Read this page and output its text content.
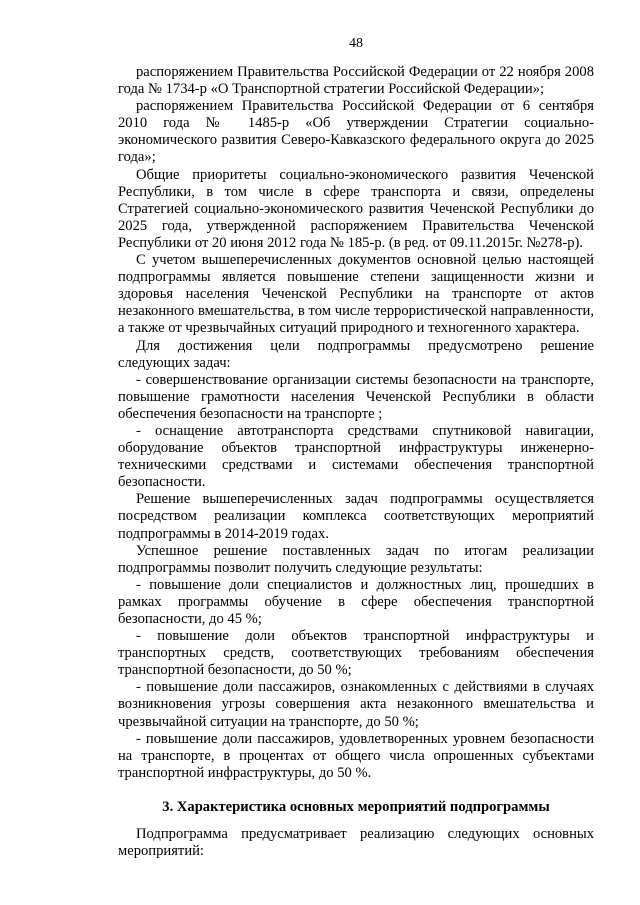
48

распоряжением Правительства Российской Федерации от 22 ноября 2008 года № 1734-р «О Транспортной стратегии Российской Федерации»;

распоряжением Правительства Российской Федерации от 6 сентября 2010 года № 1485-р «Об утверждении Стратегии социально-экономического развития Северо-Кавказского федерального округа до 2025 года»;

Общие приоритеты социально-экономического развития Чеченской Республики, в том числе в сфере транспорта и связи, определены Стратегией социально-экономического развития Чеченской Республики до 2025 года, утвержденной распоряжением Правительства Чеченской Республики от 20 июня 2012 года № 185-р. (в ред. от 09.11.2015г. №278-р).

С учетом вышеперечисленных документов основной целью настоящей подпрограммы является повышение степени защищенности жизни и здоровья населения Чеченской Республики на транспорте от актов незаконного вмешательства, в том числе террористической направленности, а также от чрезвычайных ситуаций природного и техногенного характера.

Для достижения цели подпрограммы предусмотрено решение следующих задач:

- совершенствование организации системы безопасности на транспорте, повышение грамотности населения Чеченской Республики в области обеспечения безопасности на транспорте ;

- оснащение автотранспорта средствами спутниковой навигации, оборудование объектов транспортной инфраструктуры инженерно-техническими средствами и системами обеспечения транспортной безопасности.

Решение вышеперечисленных задач подпрограммы осуществляется посредством реализации комплекса соответствующих мероприятий подпрограммы в 2014-2019 годах.

Успешное решение поставленных задач по итогам реализации подпрограммы позволит получить следующие результаты:

- повышение доли специалистов и должностных лиц, прошедших в рамках программы обучение в сфере обеспечения транспортной безопасности, до 45 %;

- повышение доли объектов транспортной инфраструктуры и транспортных средств, соответствующих требованиям обеспечения транспортной безопасности, до 50 %;

- повышение доли пассажиров, ознакомленных с действиями в случаях возникновения угрозы совершения акта незаконного вмешательства и чрезвычайной ситуации на транспорте, до 50 %;

- повышение доли пассажиров, удовлетворенных уровнем безопасности на транспорте, в процентах от общего числа опрошенных субъектами транспортной инфраструктуры, до 50 %.

3. Характеристика основных мероприятий подпрограммы

Подпрограмма предусматривает реализацию следующих основных мероприятий:
